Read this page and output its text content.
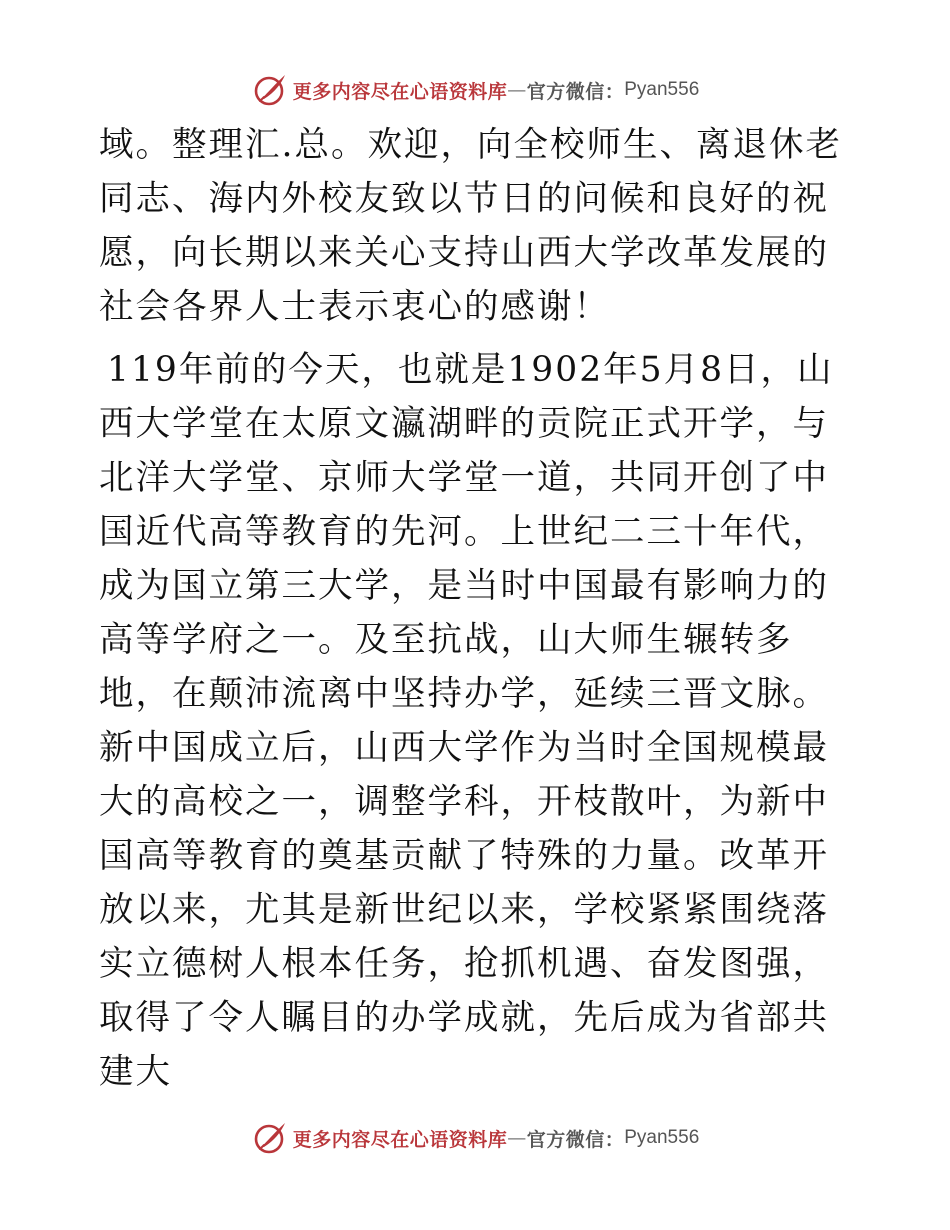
更多内容尽在心语资料库 — 官方微信： Pyan556

域。整理汇.总。欢迎，向全校师生、离退休老同志、海内外校友致以节日的问候和良好的祝愿，向长期以来关心支持山西大学改革发展的社会各界人士表示衷心的感谢！

119年前的今天，也就是1902年5月8日，山西大学堂在太原文瀛湖畔的贡院正式开学，与北洋大学堂、京师大学堂一道，共同开创了中国近代高等教育的先河。上世纪二三十年代，成为国立第三大学，是当时中国最有影响力的高等学府之一。及至抗战，山大师生辗转多地，在颠沛流离中坚持办学，延续三晋文脉。新中国成立后，山西大学作为当时全国规模最大的高校之一，调整学科，开枝散叶，为新中国高等教育的奠基贡献了特殊的力量。改革开放以来，尤其是新世纪以来，学校紧紧围绕落实立德树人根本任务，抢抓机遇、奋发图强，取得了令人瞩目的办学成就，先后成为省部共建大

更多内容尽在心语资料库 — 官方微信： Pyan556
